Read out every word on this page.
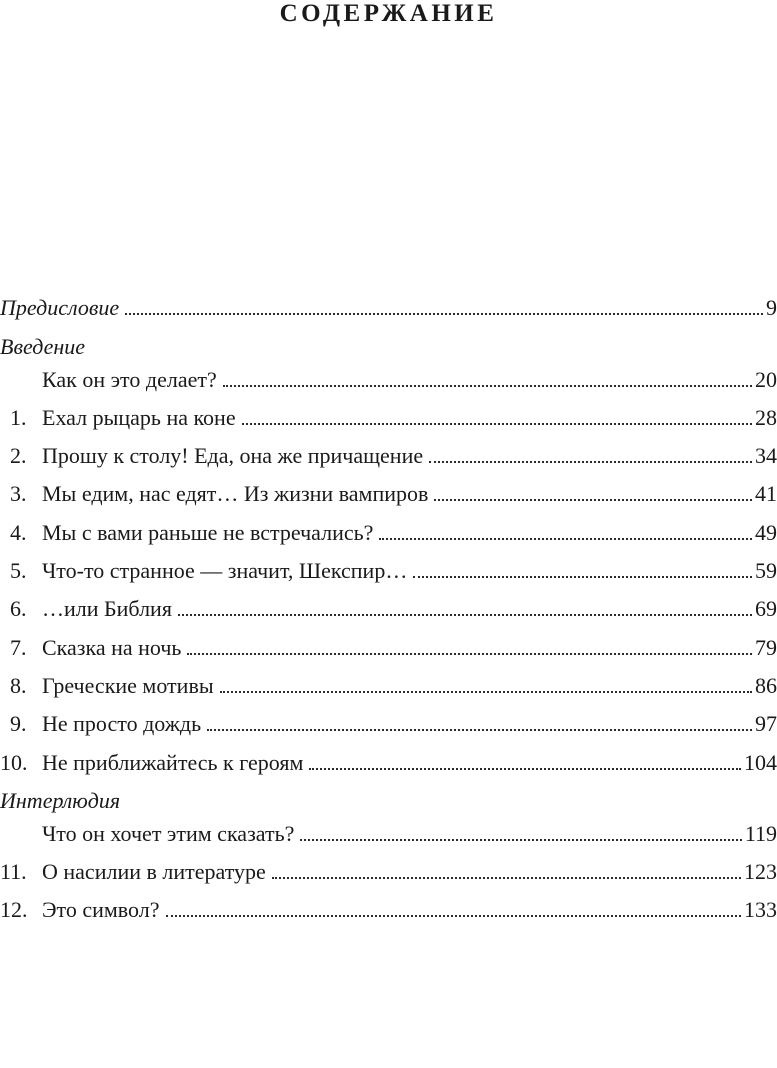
СОДЕРЖАНИЕ
Предисловие	9
Введение
Как он это делает?	20
1. Ехал рыцарь на коне	28
2. Прошу к столу! Еда, она же причащение	34
3. Мы едим, нас едят… Из жизни вампиров	41
4. Мы с вами раньше не встречались?	49
5. Что-то странное — значит, Шекспир…	59
6. …или Библия	69
7. Сказка на ночь	79
8. Греческие мотивы	86
9. Не просто дождь	97
10. Не приближайтесь к героям	104
Интерлюдия
Что он хочет этим сказать?	119
11. О насилии в литературе	123
12. Это символ?	133
